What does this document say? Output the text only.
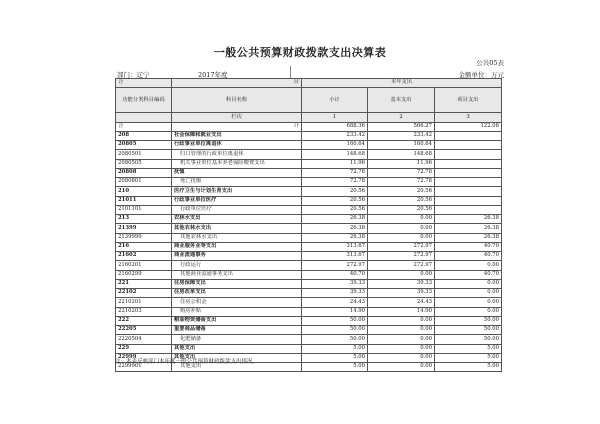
一般公共预算财政拨款支出决算表
公共05表
部门：辽宁	2017年度	金额单位：万元
合	目	本年支出		
功能分类科目编码	科目名称	小计	基本支出	项目支出
	栏次	1	2	3
合	计	688.36	566.27	122.08
208	社会保障和就业支出	233.42	233.42	
20805	行政事业单位离退休	160.64	160.64	
2080501	归口管理的行政单位离退休	148.68	148.68	
2080505	机关事业单位基本养老保险缴费支出	11.96	11.96	
20808	抚恤	72.78	72.78	
2080801	死亡抚恤	72.78	72.78	
210	医疗卫生与计划生育支出	20.56	20.56	
21011	行政事业单位医疗	20.56	20.56	
2101101	行政单位医疗	20.56	20.56	
213	农林水支出	26.38	0.00	26.38
21399	其他农林水支出	26.38	0.00	26.38
2139999	其他农林水支出	26.38	0.00	26.38
216	商业服务业等支出	313.67	272.97	40.70
21602	商业流通事务	313.67	272.97	40.70
2160201	行政运行	272.97	272.97	0.00
2160299	其他商业流通事务支出	40.70	0.00	40.70
221	住房保障支出	39.33	39.33	0.00
22102	住房改革支出	39.33	39.33	0.00
2210201	住房公积金	24.43	24.43	0.00
2210203	购房补贴	14.90	14.90	0.00
222	粮油物资储备支出	50.00	0.00	50.00
22205	重要商品储备	50.00	0.00	50.00
2220504	化肥储备	50.00	0.00	50.00
229	其他支出	5.00	0.00	5.00
22999	其他支出	5.00	0.00	5.00
2299901	其他支出	5.00	0.00	5.00
注：本表反映部门本年度一般公共预算财政拨款支出情况。
